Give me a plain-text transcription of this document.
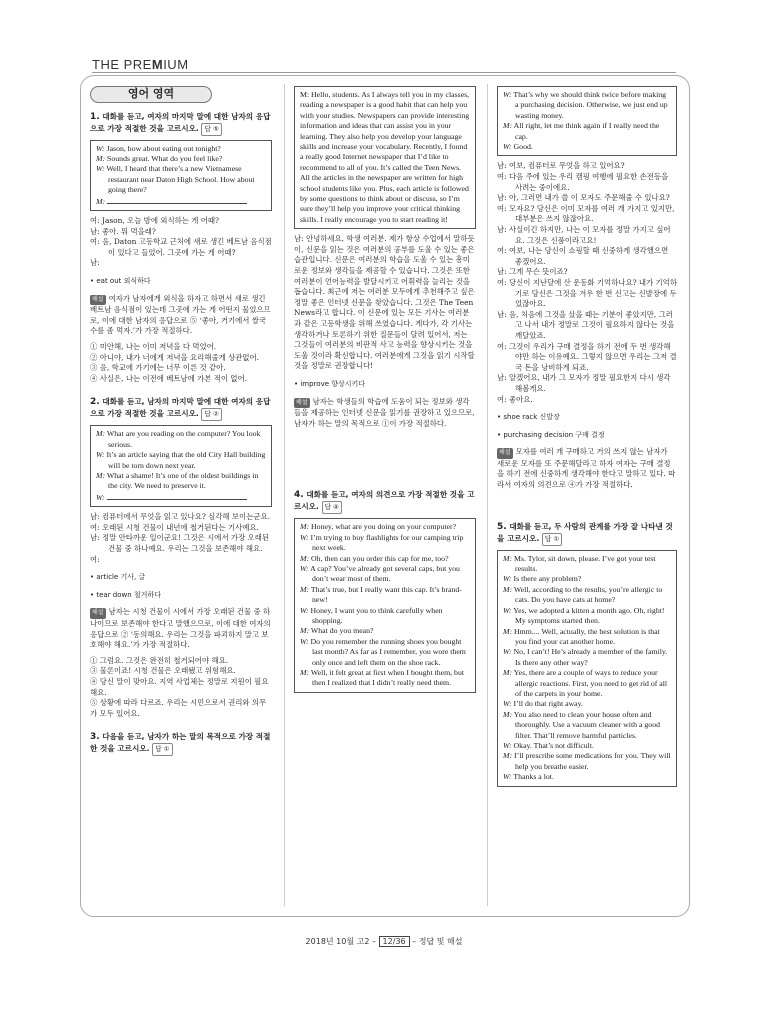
THE PREMIUM
영어 영역
1. 대화를 듣고, 여자의 마지막 말에 대한 남자의 응답으로 가장 적절한 것을 고르시오. 답 ⑤
W: Jason, how about eating out tonight?
M: Sounds great. What do you feel like?
W: Well, I heard that there’s a new Vietnamese restaurant near Daton High School. How about going there?
M:

여: Jason, 오늘 밤에 외식하는 게 어때?

남: 좋아. 뭐 먹을래?

여: 음, Daton 고등학교 근처에 새로 생긴 베트남 음식점이 있다고 들었어. 그곳에 가는 게 어때?

남:

• eat out 외식하다

해설 여자가 남자에게 외식을 하자고 하면서 새로 생긴 베트남 음식점이 있는데 그곳에 가는 게 어떤지 물었으므로, 이에 대한 남자의 응답으로 ⑤ ‘좋아, 거기에서 쌀국수를 좀 먹자.’가 가장 적절하다.

① 미안해, 나는 이미 저녁을 다 먹었어.

② 아니야, 내가 너에게 저녁을 요리해줄게 상관없어.

③ 음, 학교에 가기에는 너무 이른 것 같아.

④ 사실은, 나는 이전에 베트남에 가본 적이 없어.

2. 대화를 듣고, 남자의 마지막 말에 대한 여자의 응답으로 가장 적절한 것을 고르시오. 답 ②
M: What are you reading on the computer? You look serious.
W: It’s an article saying that the old City Hall building will be torn down next year.
M: What a shame! It’s one of the oldest buildings in the city. We need to preserve it.
W:

남: 컴퓨터에서 무엇을 읽고 있나요? 심각해 보이는군요.

여: 오래된 시청 건물이 내년에 철거된다는 기사예요.

남: 정말 안타까운 일이군요! 그것은 시에서 가장 오래된 건물 중 하나예요. 우리는 그것을 보존해야 해요.

여:

• article 기사, 글

• tear down 철거하다

해설 남자는 시청 건물이 시에서 가장 오래된 건물 중 하나이므로 보존해야 한다고 말했으므로, 이에 대한 여자의 응답으로 ② ‘동의해요. 우리는 그것을 파괴하지 말고 보호해야 해요.’가 가장 적절하다.

① 그럼요. 그것은 완전히 철거되어야 해요.

③ 물론이죠! 시청 건물은 오래됐고 위험해요.

④ 당신 말이 맞아요. 지역 사업체는 정말로 지원이 필요해요.

⑤ 상황에 따라 다르죠. 우리는 시민으로서 권리와 의무가 모두 있어요.

3. 다음을 듣고, 남자가 하는 말의 목적으로 가장 적절한 것을 고르시오. 답 ①
M: Hello, students. As I always tell you in my classes, reading a newspaper is a good habit that can help you with your studies. Newspapers can provide interesting information and ideas that can assist you in your learning. They also help you develop your language skills and increase your vocabulary. Recently, I found a really good Internet newspaper that I’d like to recommend to all of you. It’s called the Teen News. All the articles in the newspaper are written for high school students like you. Plus, each article is followed by some questions to think about or discuss, so I’m sure they’ll help you improve your critical thinking skills. I really encourage you to start reading it!

남: 안녕하세요, 학생 여러분. 제가 항상 수업에서 말하듯이, 신문을 읽는 것은 여러분의 공부를 도울 수 있는 좋은 습관입니다. 신문은 여러분의 학습을 도울 수 있는 흥미로운 정보와 생각들을 제공할 수 있습니다. 그것은 또한 여러분이 언어능력을 발달시키고 어휘력을 늘리는 것을 돕습니다. 최근에 저는 여러분 모두에게 추천해주고 싶은 정말 좋은 인터넷 신문을 찾았습니다. 그것은 The Teen News라고 합니다. 이 신문에 있는 모든 기사는 여러분과 같은 고등학생을 위해 쓰였습니다. 게다가, 각 기사는 생각하거나 토론하기 위한 질문들이 달려 있어서, 저는 그것들이 여러분의 비판적 사고 능력을 향상시키는 것을 도울 것이라 확신합니다. 여러분에게 그것을 읽기 시작할 것을 정말로 권장합니다!

• improve 향상시키다

해설 남자는 학생들의 학습에 도움이 되는 정보와 생각들을 제공하는 인터넷 신문을 읽기를 권장하고 있으므로, 남자가 하는 말의 목적으로 ①이 가장 적절하다.
4. 대화를 듣고, 여자의 의견으로 가장 적절한 것을 고르시오. 답 ④
M: Honey, what are you doing on your computer?
W: I’m trying to buy flashlights for our camping trip next week.
M: Oh, then can you order this cap for me, too?
W: A cap? You’ve already got several caps, but you don’t wear most of them.
M: That’s true, but I really want this cap. It’s brand-new!
W: Honey, I want you to think carefully when shopping.
M: What do you mean?
W: Do you remember the running shoes you bought last month? As far as I remember, you wore them only once and left them on the shoe rack.
M: Well, it felt great at first when I bought them, but then I realized that I didn’t really need them.
W: That’s why we should think twice before making a purchasing decision. Otherwise, we just end up wasting money.
M: All right, let me think again if I really need the cap.
W: Good.

남: 여보, 컴퓨터로 무엇을 하고 있어요?

여: 다음 주에 있는 우리 캠핑 여행에 필요한 손전등을 사려는 중이에요.

남: 아, 그러면 내가 쓸 이 모자도 주문해줄 수 있나요?

여: 모자요? 당신은 이미 모자를 여러 개 가지고 있지만, 대부분은 쓰지 않잖아요.

남: 사실이긴 하지만, 나는 이 모자를 정말 가지고 싶어요. 그것은 신품이라고요!

여: 여보, 나는 당신이 쇼핑할 때 신중하게 생각했으면 좋겠어요.

남: 그게 무슨 뜻이죠?

여: 당신이 지난달에 산 운동화 기억하나요? 내가 기억하기로 당신은 그것을 겨우 한 번 신고는 신발장에 두었잖아요.

남: 음, 처음에 그것을 샀을 때는 기분이 좋았지만, 그러고 나서 내가 정말로 그것이 필요하지 않다는 것을 깨달았죠.

여: 그것이 우리가 구매 결정을 하기 전에 두 번 생각해야만 하는 이유예요. 그렇지 않으면 우리는 그저 결국 돈을 낭비하게 되죠.

남: 알겠어요, 내가 그 모자가 정말 필요한지 다시 생각해볼게요.

여: 좋아요.

• shoe rack 신발장

• purchasing decision 구매 결정

해설 모자를 여러 개 구매하고 거의 쓰지 않는 남자가 새로운 모자를 또 주문해달라고 하자 여자는 구매 결정을 하기 전에 신중하게 생각해야 한다고 말하고 있다. 따라서 여자의 의견으로 ④가 가장 적절하다.
5. 대화를 듣고, 두 사람의 관계를 가장 잘 나타낸 것을 고르시오. 답 ①
M: Ms. Tylor, sit down, please. I’ve got your test results.
W: Is there any problem?
M: Well, according to the results, you’re allergic to cats. Do you have cats at home?
W: Yes, we adopted a kitten a month ago. Oh, right! My symptoms started then.
M: Hmm.... Well, actually, the best solution is that you find your cat another home.
W: No, I can’t! He’s already a member of the family. Is there any other way?
M: Yes, there are a couple of ways to reduce your allergic reactions. First, you need to get rid of all of the carpets in your home.
W: I’ll do that right away.
M: You also need to clean your house often and thoroughly. Use a vacuum cleaner with a good filter. That’ll remove harmful particles.
W: Okay. That’s not difficult.
M: I’ll prescribe some medications for you. They will help you breathe easier.
W: Thanks a lot.
2018년 10월 고2 – 12/36 – 정답 및 해설
